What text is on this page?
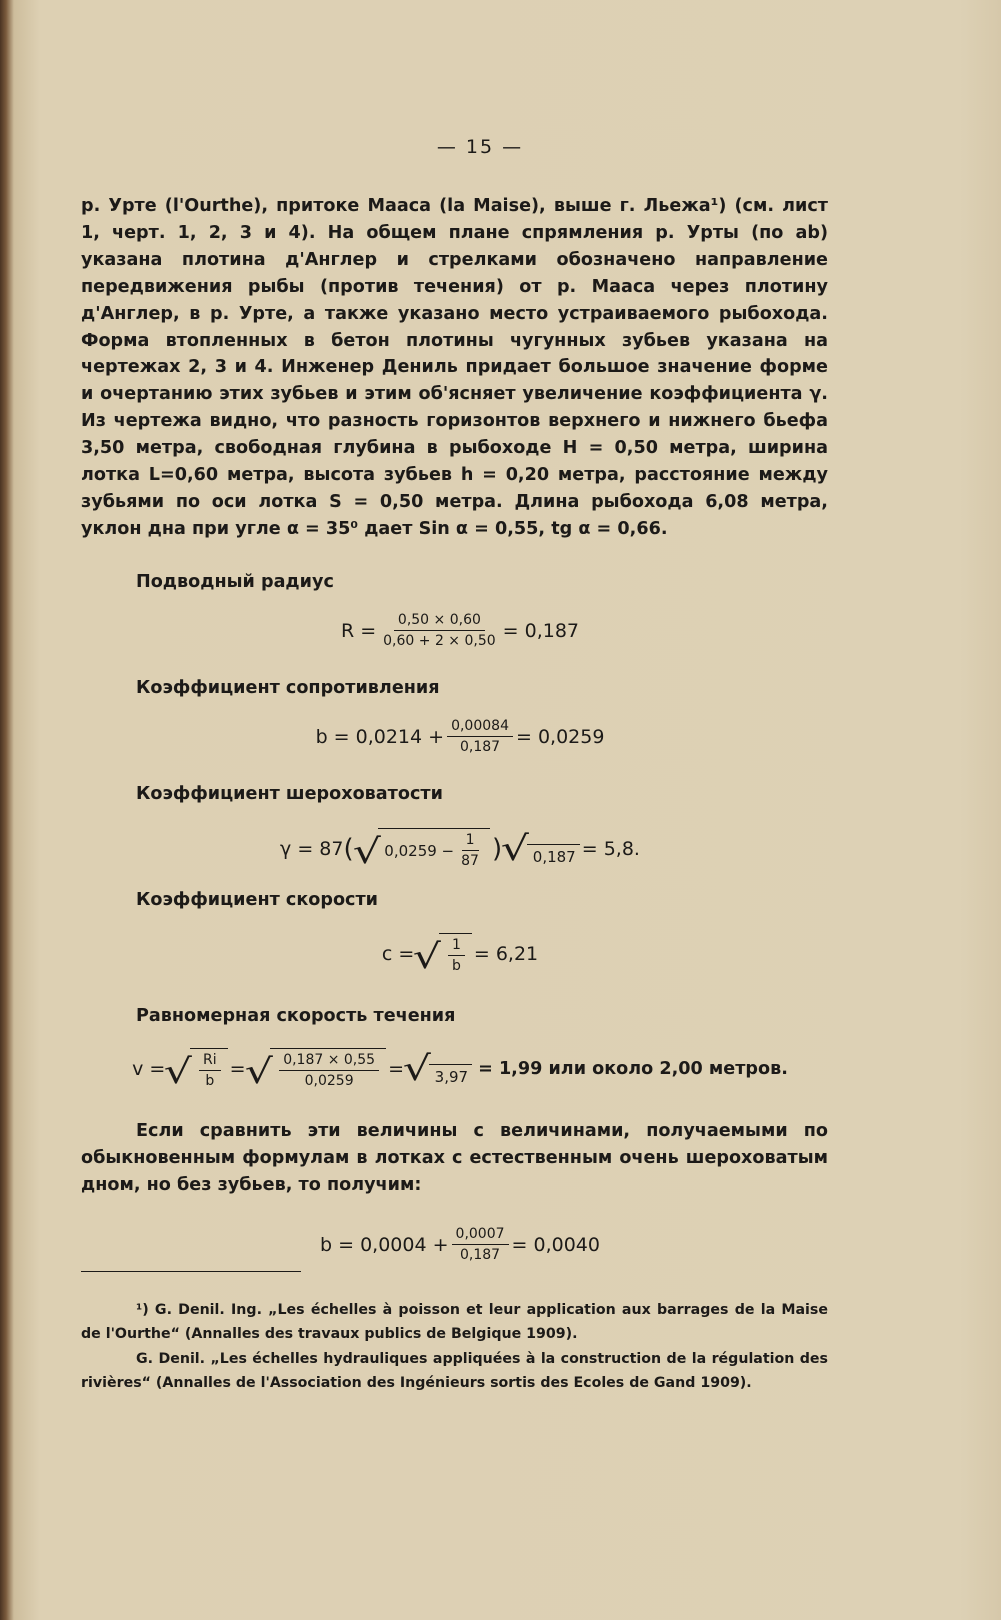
— 15 —

р. Урте (l'Ourthe), притоке Мааса (la Maise), выше г. Льежа¹) (см. лист 1, черт. 1, 2, 3 и 4). На общем плане спрямления р. Урты (по ab) указана плотина д'Англер и стрелками обозначено направление передвижения рыбы (против течения) от р. Мааса через плотину д'Англер, в р. Урте, а также указано место устраиваемого рыбохода. Форма втопленных в бетон плотины чугунных зубьев указана на чертежах 2, 3 и 4. Инженер Дениль придает большое значение форме и очертанию этих зубьев и этим об'ясняет увеличение коэффициента γ. Из чертежа видно, что разность горизонтов верхнего и нижнего бьефа 3,50 метра, свободная глубина в рыбоходе H = 0,50 метра, ширина лотка L=0,60 метра, высота зубьев h = 0,20 метра, расстояние между зубьями по оси лотка S = 0,50 метра. Длина рыбохода 6,08 метра, уклон дна при угле α = 35⁰ дает Sin α = 0,55, tg α = 0,66.

Подводный радиус

$R = \frac{0,50 \times 0,60}{0,60 + 2 \times 0,50} = 0,187$

Коэффициент сопротивления

$b = 0,0214 + \frac{0,00084}{0,187} = 0,0259$

Коэффициент шероховатости

γ = 87 (
√ $0,0259 - \frac{1}{87}$ )
√ 0,187 = 5,8.

Коэффициент скорости

c =
√ $\frac{1}{b} = 6,21$

Равномерная скорость течения

v =
√ $\frac{Ri}{b}$ =
√ $\frac{0,187 \times 0,55}{0,0259}$ =
√ 3,97 = 1,99 или около 2,00 метров.

Если сравнить эти величины с величинами, получаемыми по обыкновенным формулам в лотках с естественным очень шероховатым дном, но без зубьев, то получим:

$b = 0,0004 + \frac{0,0007}{0,187} = 0,0040$

¹) G. Denil. Ing. „Les échelles à poisson et leur application aux barrages de la Maise de l'Ourthe“ (Annalles des travaux publics de Belgique 1909).

G. Denil. „Les échelles hydrauliques appliquées à la construction de la régulation des rivières“ (Annalles de l'Association des Ingénieurs sortis des Ecoles de Gand 1909).
